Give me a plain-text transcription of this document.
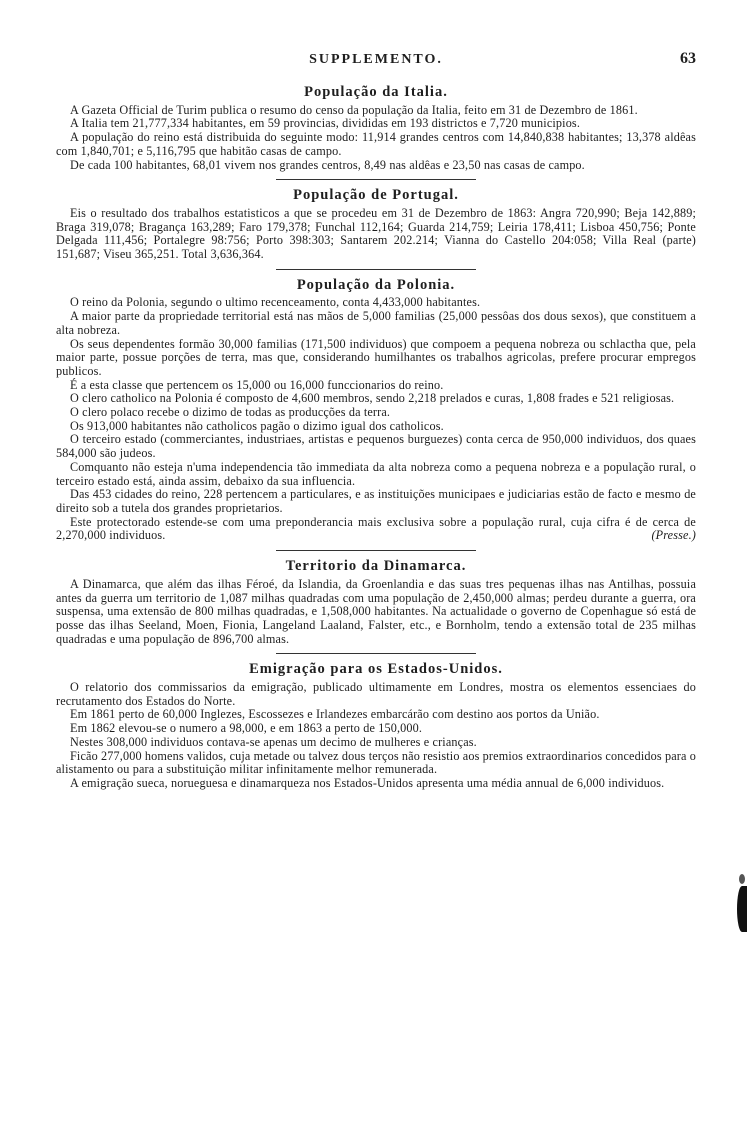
SUPPLEMENTO.	63
População da Italia.

A Gazeta Official de Turim publica o resumo do censo da população da Italia, feito em 31 de Dezembro de 1861.

A Italia tem 21,777,334 habitantes, em 59 provincias, divididas em 193 districtos e 7,720 municipios.

A população do reino está distribuida do seguinte modo: 11,914 grandes centros com 14,840,838 habitantes; 13,378 aldêas com 1,840,701; e 5,116,795 que habitão casas de campo.

De cada 100 habitantes, 68,01 vivem nos grandes centros, 8,49 nas aldêas e 23,50 nas casas de campo.

População de Portugal.

Eis o resultado dos trabalhos estatisticos a que se procedeu em 31 de Dezembro de 1863: Angra 720,990; Beja 142,889; Braga 319,078; Bragança 163,289; Faro 179,378; Funchal 112,164; Guarda 214,759; Leiria 178,411; Lisboa 450,756; Ponte Delgada 111,456; Portalegre 98:756; Porto 398:303; Santarem 202.214; Vianna do Castello 204:058; Villa Real (parte) 151,687; Viseu 365,251. Total 3,636,364.

População da Polonia.

O reino da Polonia, segundo o ultimo recenceamento, conta 4,433,000 habitantes.

A maior parte da propriedade territorial está nas mãos de 5,000 familias (25,000 pessôas dos dous sexos), que constituem a alta nobreza.

Os seus dependentes formão 30,000 familias (171,500 individuos) que compoem a pequena nobreza ou schlactha que, pela maior parte, possue porções de terra, mas que, considerando humilhantes os trabalhos agricolas, prefere procurar empregos publicos.

É a esta classe que pertencem os 15,000 ou 16,000 funccionarios do reino.

O clero catholico na Polonia é composto de 4,600 membros, sendo 2,218 prelados e curas, 1,808 frades e 521 religiosas.

O clero polaco recebe o dizimo de todas as producções da terra.

Os 913,000 habitantes não catholicos pagão o dizimo igual dos catholicos.

O terceiro estado (commerciantes, industriaes, artistas e pequenos burguezes) conta cerca de 950,000 individuos, dos quaes 584,000 são judeos.

Comquanto não esteja n'uma independencia tão immediata da alta nobreza como a pequena nobreza e a população rural, o terceiro estado está, ainda assim, debaixo da sua influencia.

Das 453 cidades do reino, 228 pertencem a particulares, e as instituições municipaes e judiciarias estão de facto e mesmo de direito sob a tutela dos grandes proprietarios.

Este protectorado estende-se com uma preponderancia mais exclusiva sobre a população rural, cuja cifra é de cerca de 2,270,000 individuos.	(Presse.)

Territorio da Dinamarca.

A Dinamarca, que além das ilhas Féroé, da Islandia, da Groenlandia e das suas tres pequenas ilhas nas Antilhas, possuia antes da guerra um territorio de 1,087 milhas quadradas com uma população de 2,450,000 almas; perdeu durante a guerra, ora suspensa, uma extensão de 800 milhas quadradas, e 1,508,000 habitantes. Na actualidade o governo de Copenhague só está de posse das ilhas Seeland, Moen, Fionia, Langeland Laaland, Falster, etc., e Bornholm, tendo a extensão total de 235 milhas quadradas e uma população de 896,700 almas.

Emigração para os Estados-Unidos.

O relatorio dos commissarios da emigração, publicado ultimamente em Londres, mostra os elementos essenciaes do recrutamento dos Estados do Norte.

Em 1861 perto de 60,000 Inglezes, Escossezes e Irlandezes embarcárão com destino aos portos da União.

Em 1862 elevou-se o numero a 98,000, e em 1863 a perto de 150,000.

Nestes 308,000 individuos contava-se apenas um decimo de mulheres e crianças.

Ficão 277,000 homens validos, cuja metade ou talvez dous terços não resistio aos premios extraordinarios concedidos para o alistamento ou para a substituição militar infinitamente melhor remunerada.

A emigração sueca, norueguesa e dinamarqueza nos Estados-Unidos apresenta uma média annual de 6,000 individuos.
